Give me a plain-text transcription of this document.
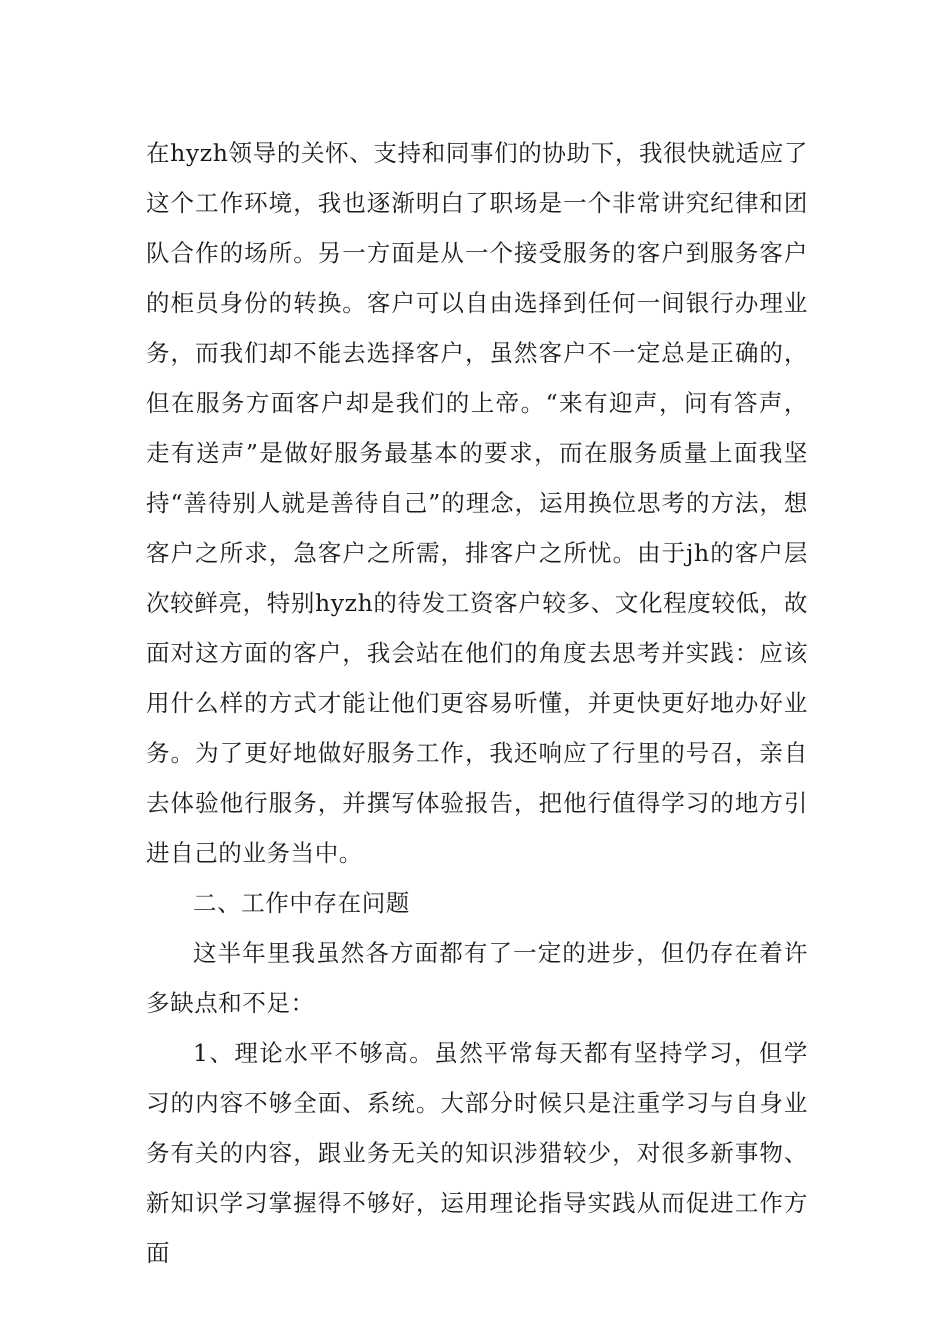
在hyzh领导的关怀、支持和同事们的协助下，我很快就适应了这个工作环境，我也逐渐明白了职场是一个非常讲究纪律和团队合作的场所。另一方面是从一个接受服务的客户到服务客户的柜员身份的转换。客户可以自由选择到任何一间银行办理业务，而我们却不能去选择客户，虽然客户不一定总是正确的，但在服务方面客户却是我们的上帝。“来有迎声，问有答声，走有送声”是做好服务最基本的要求，而在服务质量上面我坚持“善待别人就是善待自己”的理念，运用换位思考的方法，想客户之所求，急客户之所需，排客户之所忧。由于jh的客户层次较鲜亮，特别hyzh的待发工资客户较多、文化程度较低，故面对这方面的客户，我会站在他们的角度去思考并实践：应该用什么样的方式才能让他们更容易听懂，并更快更好地办好业务。为了更好地做好服务工作，我还响应了行里的号召，亲自去体验他行服务，并撰写体验报告，把他行值得学习的地方引进自己的业务当中。

二、工作中存在问题

这半年里我虽然各方面都有了一定的进步，但仍存在着许多缺点和不足：

1、理论水平不够高。虽然平常每天都有坚持学习，但学习的内容不够全面、系统。大部分时候只是注重学习与自身业务有关的内容，跟业务无关的知识涉猎较少，对很多新事物、新知识学习掌握得不够好，运用理论指导实践从而促进工作方面
